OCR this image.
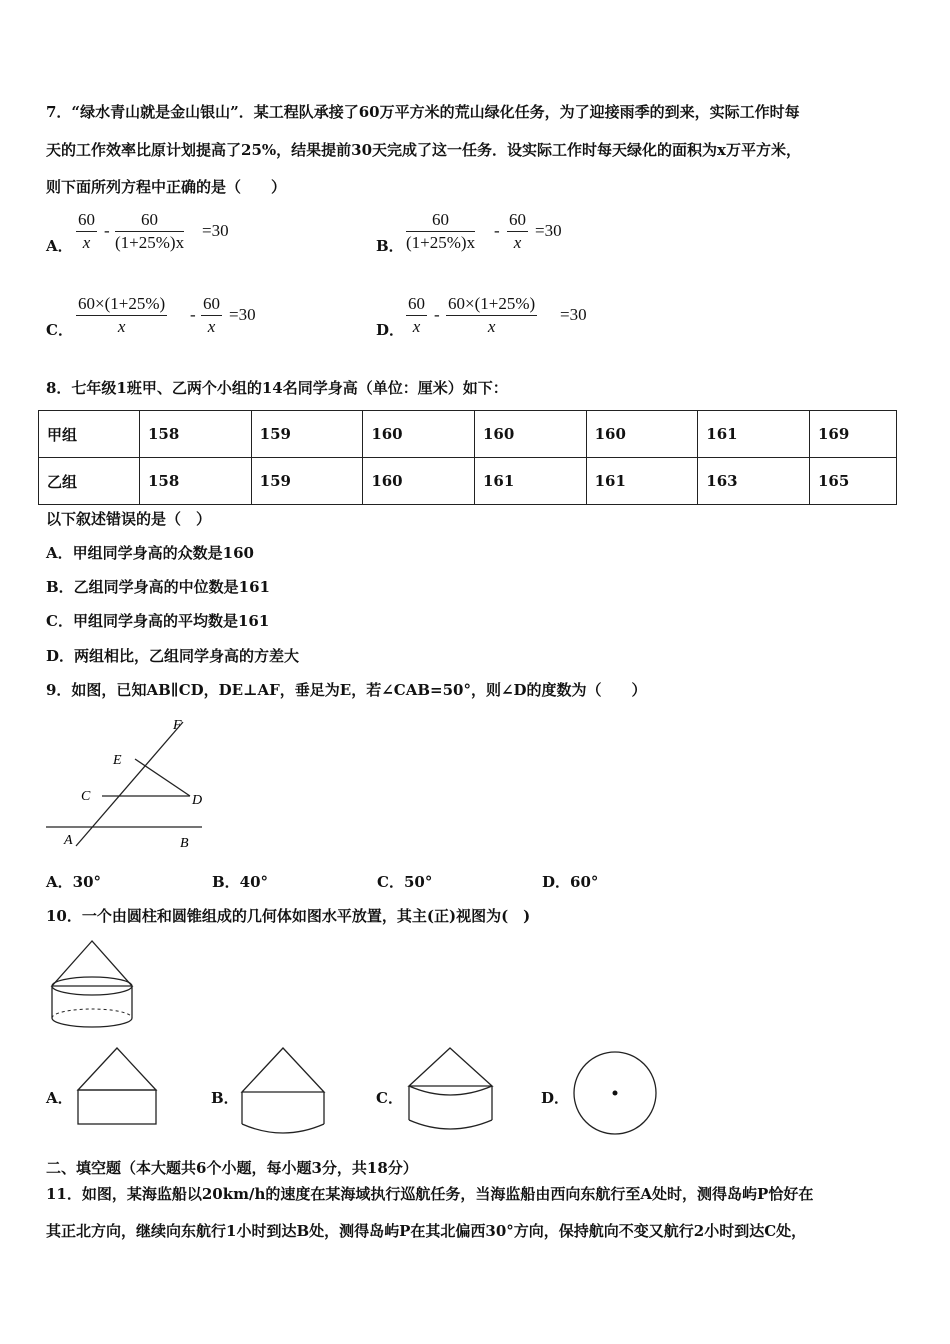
7．“绿水青山就是金山银山”．某工程队承接了60万平方米的荒山绿化任务，为了迎接雨季的到来，实际工作时每
天的工作效率比原计划提高了25%，结果提前30天完成了这一任务．设实际工作时每天绿化的面积为x万平方米，
则下面所列方程中正确的是（　　）
A． $\frac{60}{x} - \frac{60}{(1+25\%)x} =30$
B． $\frac{60}{(1+25\%)x} - \frac{60}{x} =30$
C． $\frac{60\times(1+25\%)}{x} - \frac{60}{x} =30$
D． $\frac{60}{x} - \frac{60\times(1+25\%)}{x} =30$
8．七年级1班甲、乙两个小组的14名同学身高（单位：厘米）如下：
甲组	158	159	160	160	160	161	169
乙组	158	159	160	161	161	163	165
以下叙述错误的是（　）
A．甲组同学身高的众数是160
B．乙组同学身高的中位数是161
C．甲组同学身高的平均数是161
D．两组相比，乙组同学身高的方差大
9．如图，已知AB∥CD，DE⊥AF，垂足为E，若∠CAB=50°，则∠D的度数为（　　）
F
E
C	D
A	B
A．30°	B．40°	C．50°	D．60°
10．一个由圆柱和圆锥组成的几何体如图水平放置，其主(正)视图为(　)
A．	B．	C．	D．
二、填空题（本大题共6个小题，每小题3分，共18分）
11．如图，某海监船以20km/h的速度在某海域执行巡航任务，当海监船由西向东航行至A处时，测得岛屿P恰好在
其正北方向，继续向东航行1小时到达B处，测得岛屿P在其北偏西30°方向，保持航向不变又航行2小时到达C处，
